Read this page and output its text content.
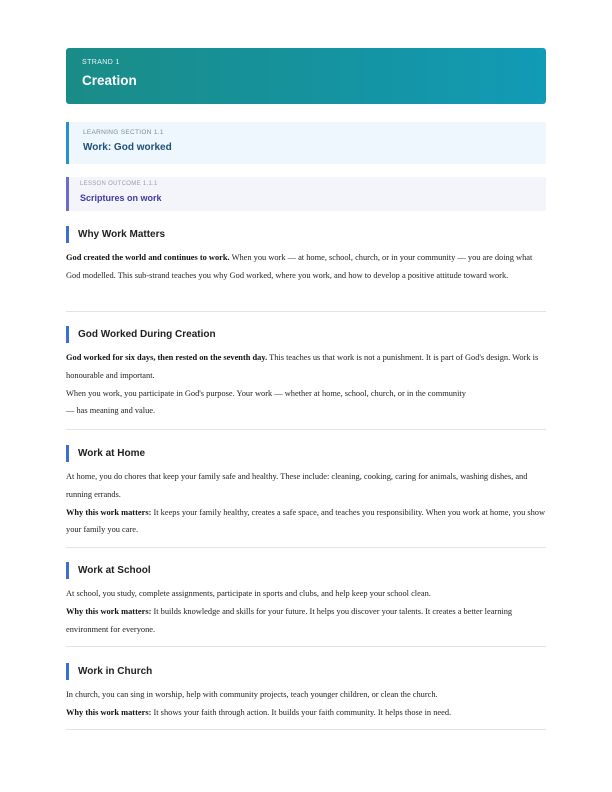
STRAND 1
Creation
LEARNING SECTION 1.1
Work: God worked
LESSON OUTCOME 1.1.1
Scriptures on work
Why Work Matters

God created the world and continues to work. When you work — at home, school, church, or in your community — you are doing what God modelled. This sub-strand teaches you why God worked, where you work, and how to develop a positive attitude toward work.

God Worked During Creation

God worked for six days, then rested on the seventh day. This teaches us that work is not a punishment. It is part of God's design. Work is honourable and important.

When you work, you participate in God's purpose. Your work — whether at home, school, church, or in the community
— has meaning and value.

Work at Home

At home, you do chores that keep your family safe and healthy. These include: cleaning, cooking, caring for animals, washing dishes, and running errands.

Why this work matters: It keeps your family healthy, creates a safe space, and teaches you responsibility. When you work at home, you show your family you care.

Work at School

At school, you study, complete assignments, participate in sports and clubs, and help keep your school clean.

Why this work matters: It builds knowledge and skills for your future. It helps you discover your talents. It creates a better learning environment for everyone.

Work in Church

In church, you can sing in worship, help with community projects, teach younger children, or clean the church.

Why this work matters: It shows your faith through action. It builds your faith community. It helps those in need.
